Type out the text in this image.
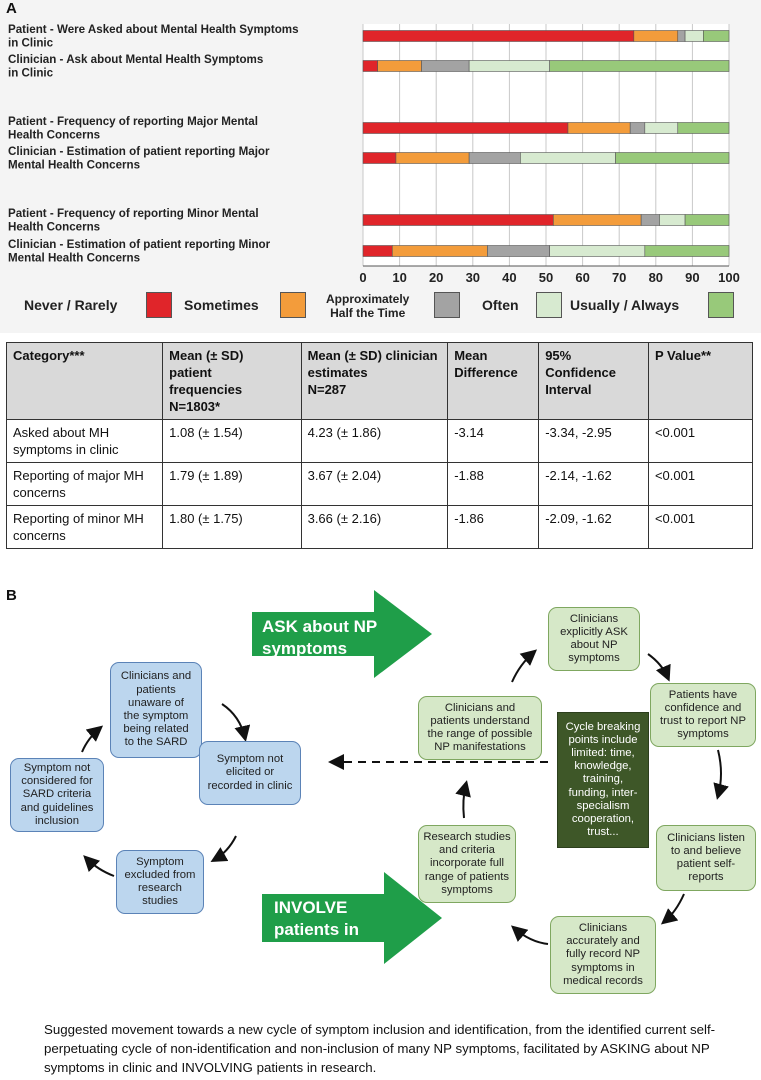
A
Patient - Were Asked about Mental Health Symptoms
in Clinic
Clinician - Ask about Mental Health Symptoms
in Clinic
Patient - Frequency of reporting Major Mental
Health Concerns
Clinician - Estimation of patient reporting Major
Mental Health Concerns
Patient - Frequency of reporting Minor Mental
Health Concerns
Clinician - Estimation of patient reporting Minor
Mental Health Concerns
0 10 20 30 40 50 60 70 80 90 100
Never / Rarely	Sometimes	Approximately
Half the Time	Often	Usually / Always
Category***	Mean (± SD)
patient
frequencies
N=1803*	Mean (± SD) clinician
estimates
N=287	Mean
Difference	95%
Confidence
Interval	P Value**
Asked about MH
symptoms in clinic	1.08 (± 1.54)	4.23 (± 1.86)	-3.14	-3.34, -2.95	<0.001
Reporting of major MH
concerns	1.79 (± 1.89)	3.67 (± 2.04)	-1.88	-2.14, -1.62	<0.001
Reporting of minor MH
concerns	1.80 (± 1.75)	3.66 (± 2.16)	-1.86	-2.09, -1.62	<0.001
B
ASK about NP
symptoms
INVOLVE
patients in
research
Clinicians and
patients
unaware of
the symptom
being related
to the SARD
Symptom not
elicited or
recorded in clinic
Symptom
excluded from
research
studies
Symptom not
considered for
SARD criteria
and guidelines
inclusion
Clinicians
explicitly ASK
about NP
symptoms
Patients have
confidence and
trust to report NP
symptoms
Clinicians listen
to and believe
patient self-
reports
Clinicians
accurately and
fully record NP
symptoms in
medical records
Research studies
and criteria
incorporate full
range of patients
symptoms
Clinicians and
patients understand
the range of possible
NP manifestations
Cycle breaking
points include
limited: time,
knowledge,
training,
funding, inter-
specialism
cooperation,
trust...
Suggested movement towards a new cycle of symptom inclusion and identification, from the identified current self-perpetuating cycle of non-identification and non-inclusion of many NP symptoms, facilitated by ASKING about NP symptoms in clinic and INVOLVING patients in research.
